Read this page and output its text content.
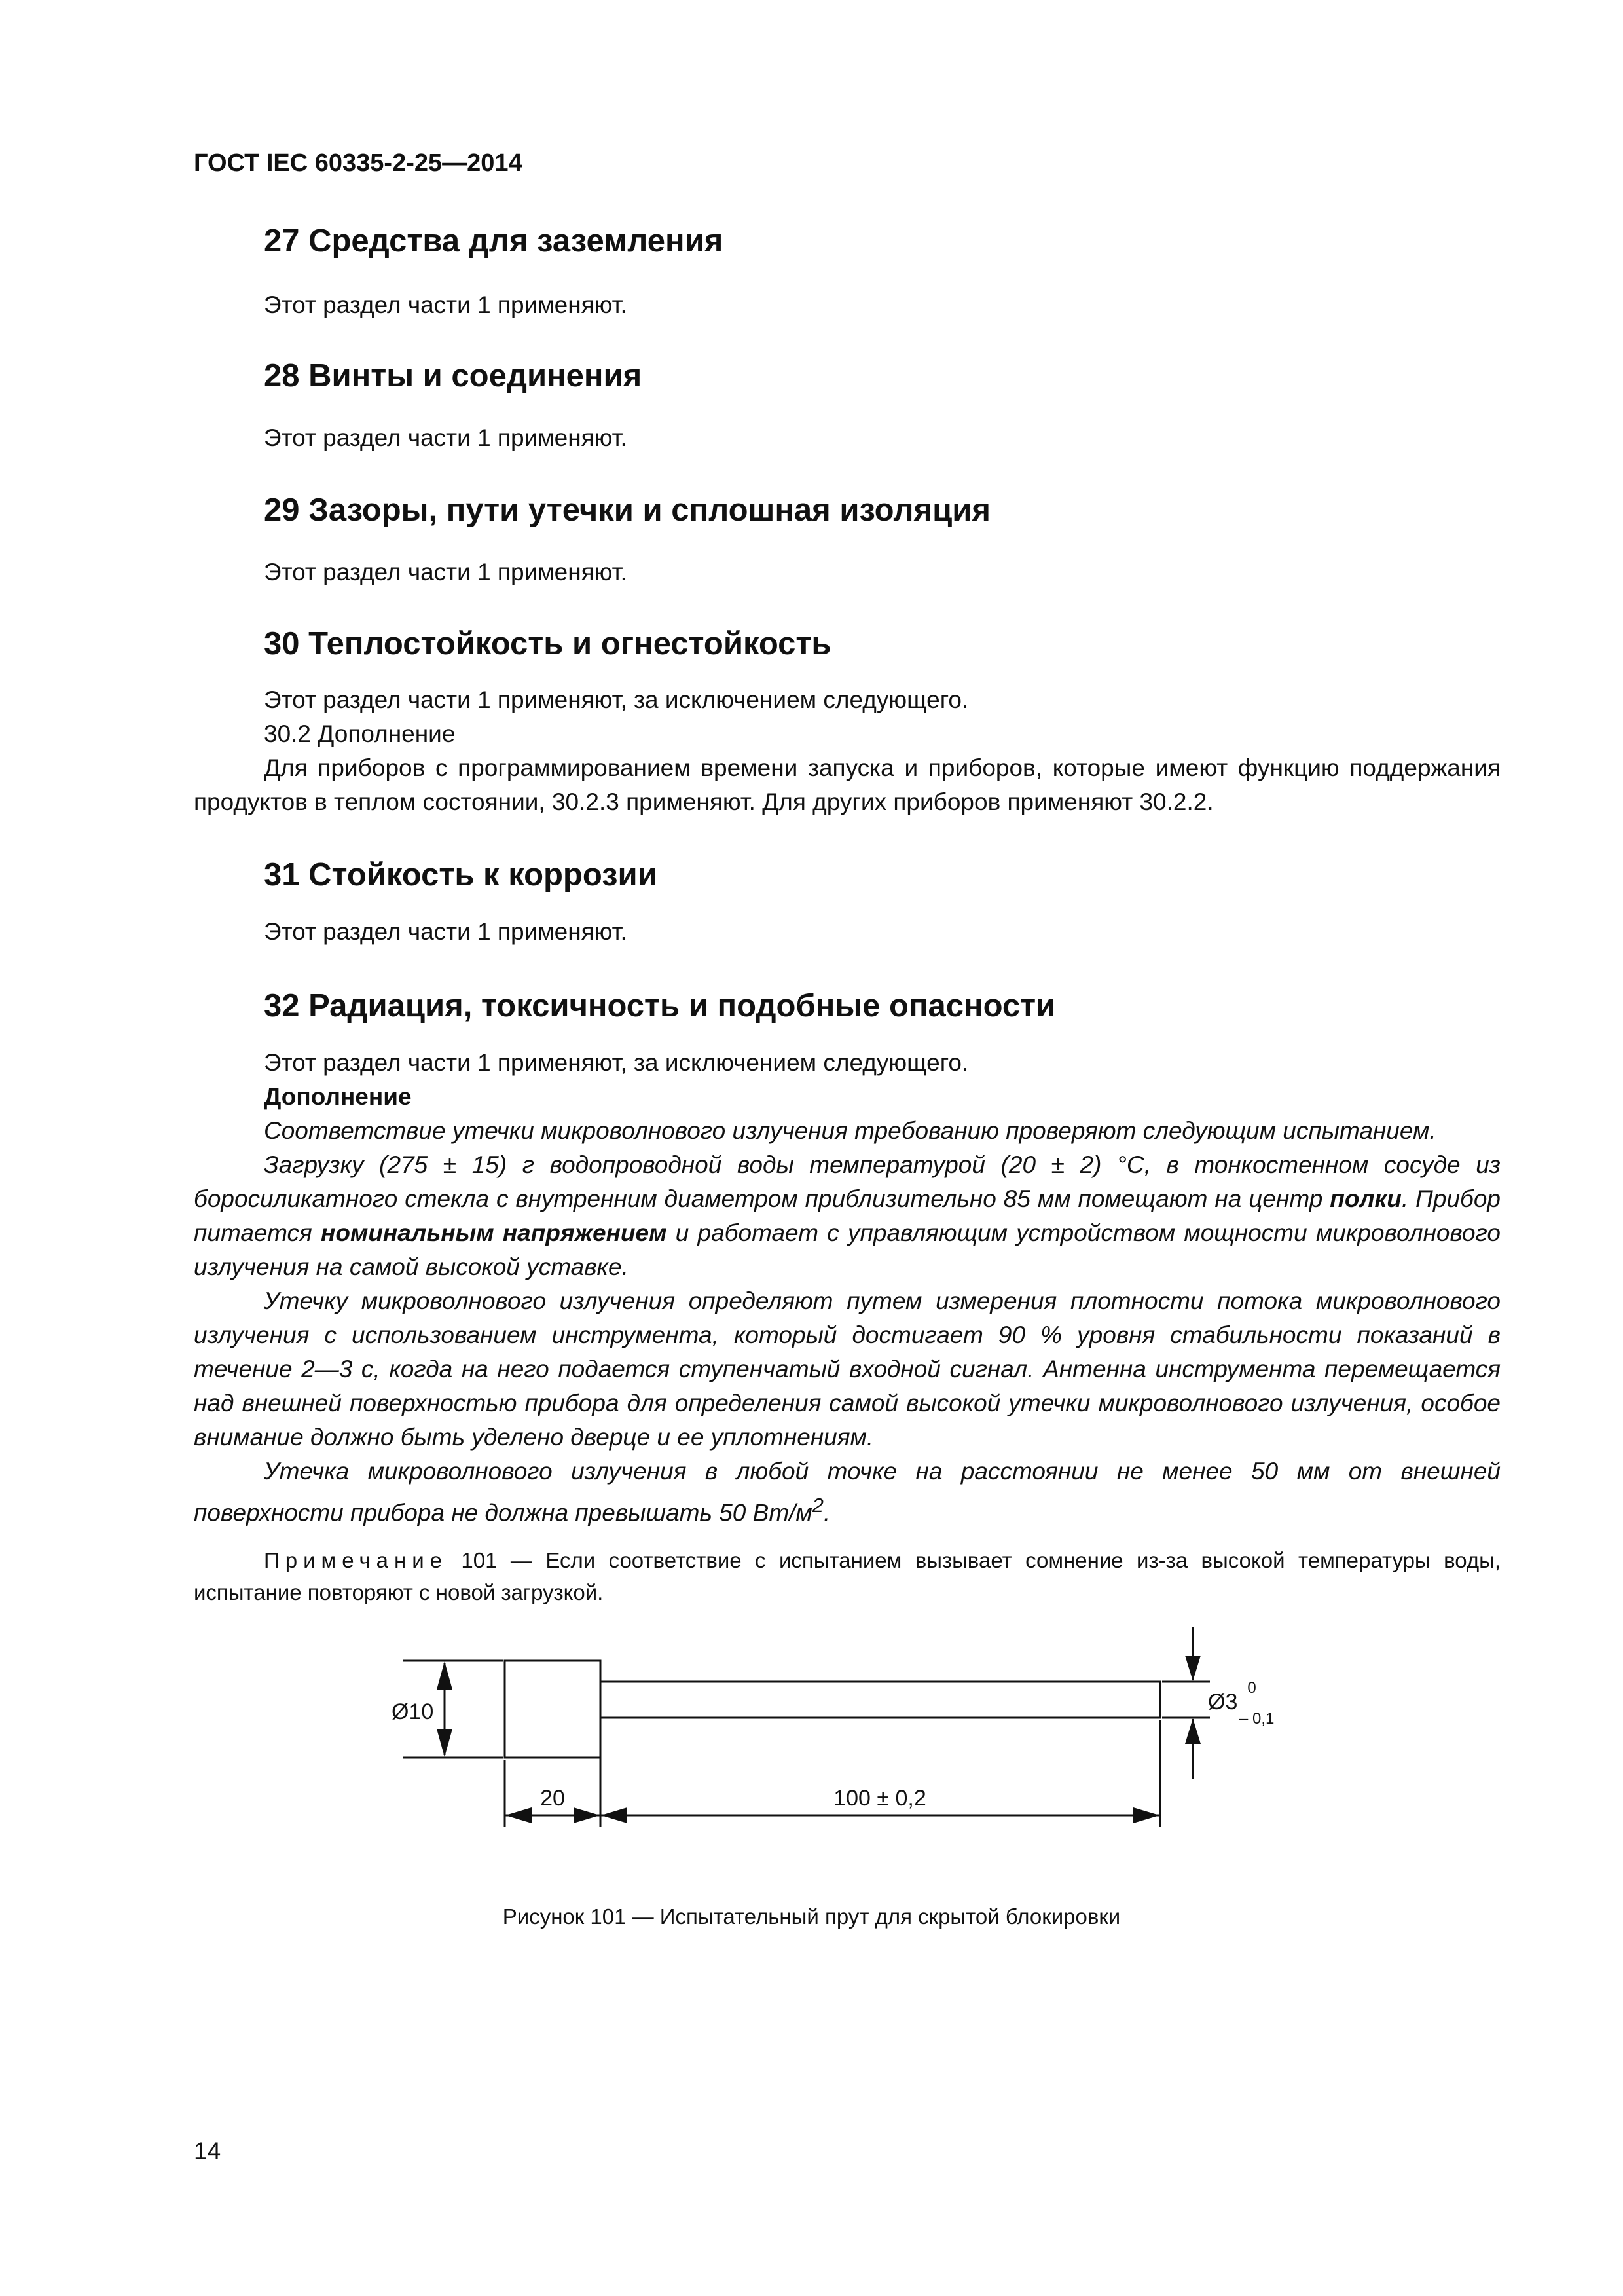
ГОСТ IEC 60335-2-25—2014
27 Средства для заземления
Этот раздел части 1 применяют.
28 Винты и соединения
Этот раздел части 1 применяют.
29 Зазоры, пути утечки и сплошная изоляция
Этот раздел части 1 применяют.
30 Теплостойкость и огнестойкость

Этот раздел части 1 применяют, за исключением следующего.

30.2 Дополнение

Для приборов с программированием времени запуска и приборов, которые имеют функцию поддержания продуктов в теплом состоянии, 30.2.3 применяют. Для других приборов применяют 30.2.2.

31 Стойкость к коррозии
Этот раздел части 1 применяют.
32 Радиация, токсичность и подобные опасности

Этот раздел части 1 применяют, за исключением следующего.

Дополнение

Соответствие утечки микроволнового излучения требованию проверяют следующим испытанием.

Загрузку (275 ± 15) г водопроводной воды температурой (20 ± 2) °С, в тонкостенном сосуде из боросиликатного стекла с внутренним диаметром приблизительно 85 мм помещают на центр полки. Прибор питается номинальным напряжением и работает с управляющим устройством мощности микроволнового излучения на самой высокой уставке.

Утечку микроволнового излучения определяют путем измерения плотности потока микроволнового излучения с использованием инструмента, который достигает 90 % уровня стабильности показаний в течение 2—3 с, когда на него подается ступенчатый входной сигнал. Антенна инструмента перемещается над внешней поверхностью прибора для определения самой высокой утечки микроволнового излучения, особое внимание должно быть уделено дверце и ее уплотнениям.

Утечка микроволнового излучения в любой точке на расстоянии не менее 50 мм от внешней поверхности прибора не должна превышать 50 $Вт/м^2$.

Примечание 101 — Если соответствие с испытанием вызывает сомнение из-за высокой температуры воды, испытание повторяют с новой загрузкой.

Ø10
20	100 ± 0,2
Ø3
0
– 0,1
Рисунок 101 — Испытательный прут для скрытой блокировки
14
